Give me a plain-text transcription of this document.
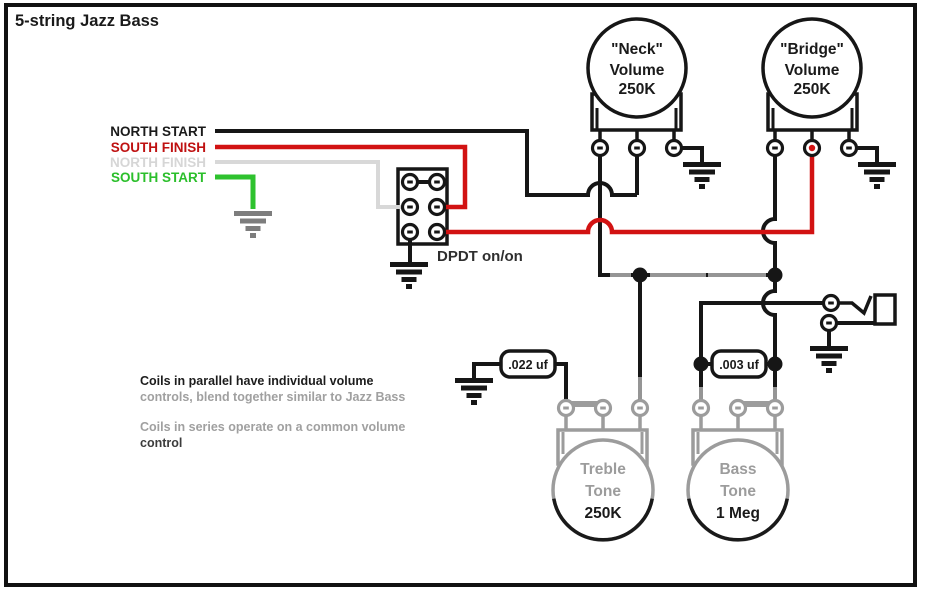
5-string Jazz Bass
NORTH START
SOUTH FINISH
NORTH FINISH
SOUTH START
"Neck"
Volume
250K
"Bridge"
Volume
250K
Treble
Tone
250K
Bass
Tone
1 Meg
DPDT on/on
.022 uf	.003 uf
Coils in parallel have individual volume
controls, blend together similar to Jazz Bass
Coils in series operate on a common volume
control
